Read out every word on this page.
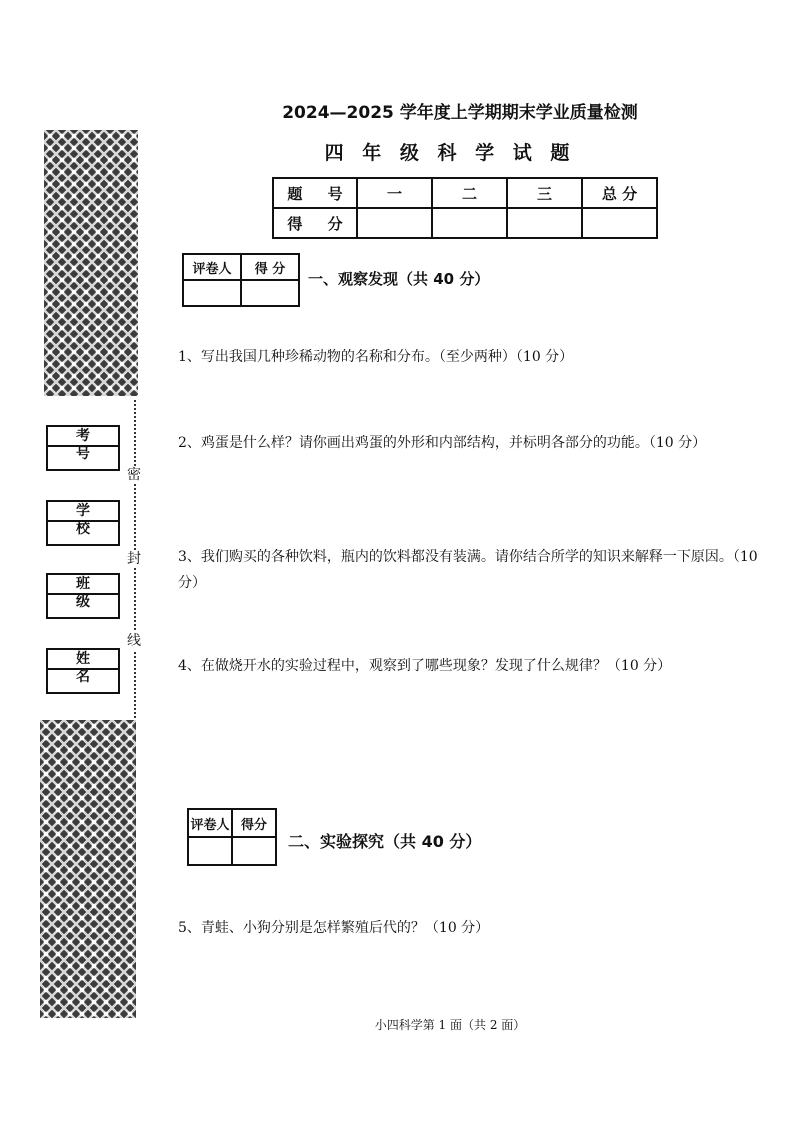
密
封
线
考 号
学 校
班 级
姓 名
2024—2025 学年度上学期期末学业质量检测
四 年 级 科 学 试 题
题 号	一	二	三	总 分
得 分				
评卷人	得 分

一、观察发现（共 40 分）
1、写出我国几种珍稀动物的名称和分布。（至少两种）（10 分）
2、鸡蛋是什么样？请你画出鸡蛋的外形和内部结构，并标明各部分的功能。（10 分）
3、我们购买的各种饮料，瓶内的饮料都没有装满。请你结合所学的知识来解释一下原因。（10 分）
4、在做烧开水的实验过程中，观察到了哪些现象？发现了什么规律？（10 分）
评卷人	得分

二、实验探究（共 40 分）
5、青蛙、小狗分别是怎样繁殖后代的？（10 分）
小四科学第 1 面（共 2 面）
